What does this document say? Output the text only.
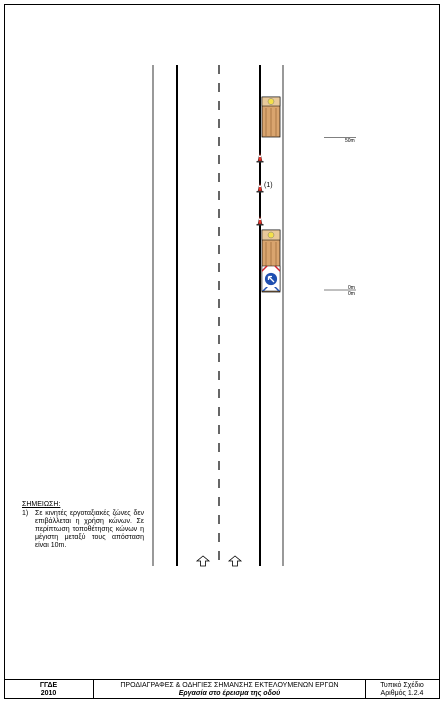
(1)
50m
0m
0m
ΣΗΜΕΙΩΣΗ:
1) Σε κινητές εργοταξιακές ζώνες δεν επιβάλλεται η χρήση κώνων. Σε περίπτωση τοποθέτησης κώνων η μέγιστη μεταξύ τους απόσταση είναι 10m.
ΓΓΔΕ
2010
ΠΡΟΔΙΑΓΡΑΦΕΣ & ΟΔΗΓΙΕΣ ΣΗΜΑΝΣΗΣ ΕΚΤΕΛΟΥΜΕΝΩΝ ΕΡΓΩΝ
Εργασία στο έρεισμα της οδού
Τυπικό Σχέδιο
Αριθμός 1.2.4
